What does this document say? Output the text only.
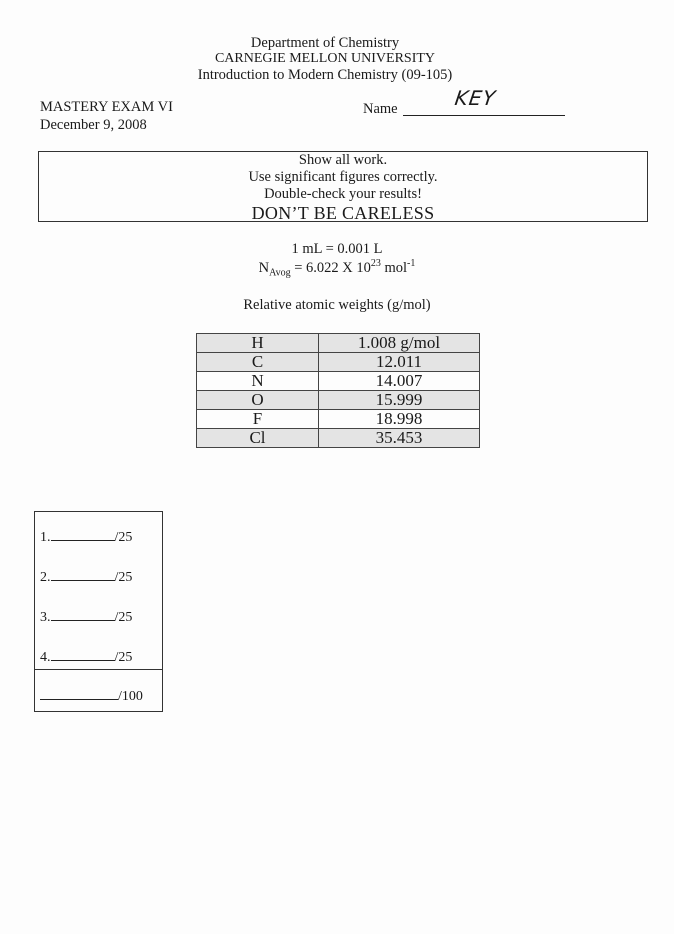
Department of Chemistry
CARNEGIE MELLON UNIVERSITY
Introduction to Modern Chemistry (09-105)
MASTERY EXAM VI
December 9, 2008
Name	KEY
Show all work.
Use significant figures correctly.
Double-check your results!
DON’T BE CARELESS
1 mL = 0.001 L
$N_{Avog} = 6.022$ X $10^{23}$ mol$^{-1}$
Relative atomic weights (g/mol)
H	1.008 g/mol
C	12.011
N	14.007
O	15.999
F	18.998
Cl	35.453
1.	/25
2.	/25
3.	/25
4.	/25
/100
